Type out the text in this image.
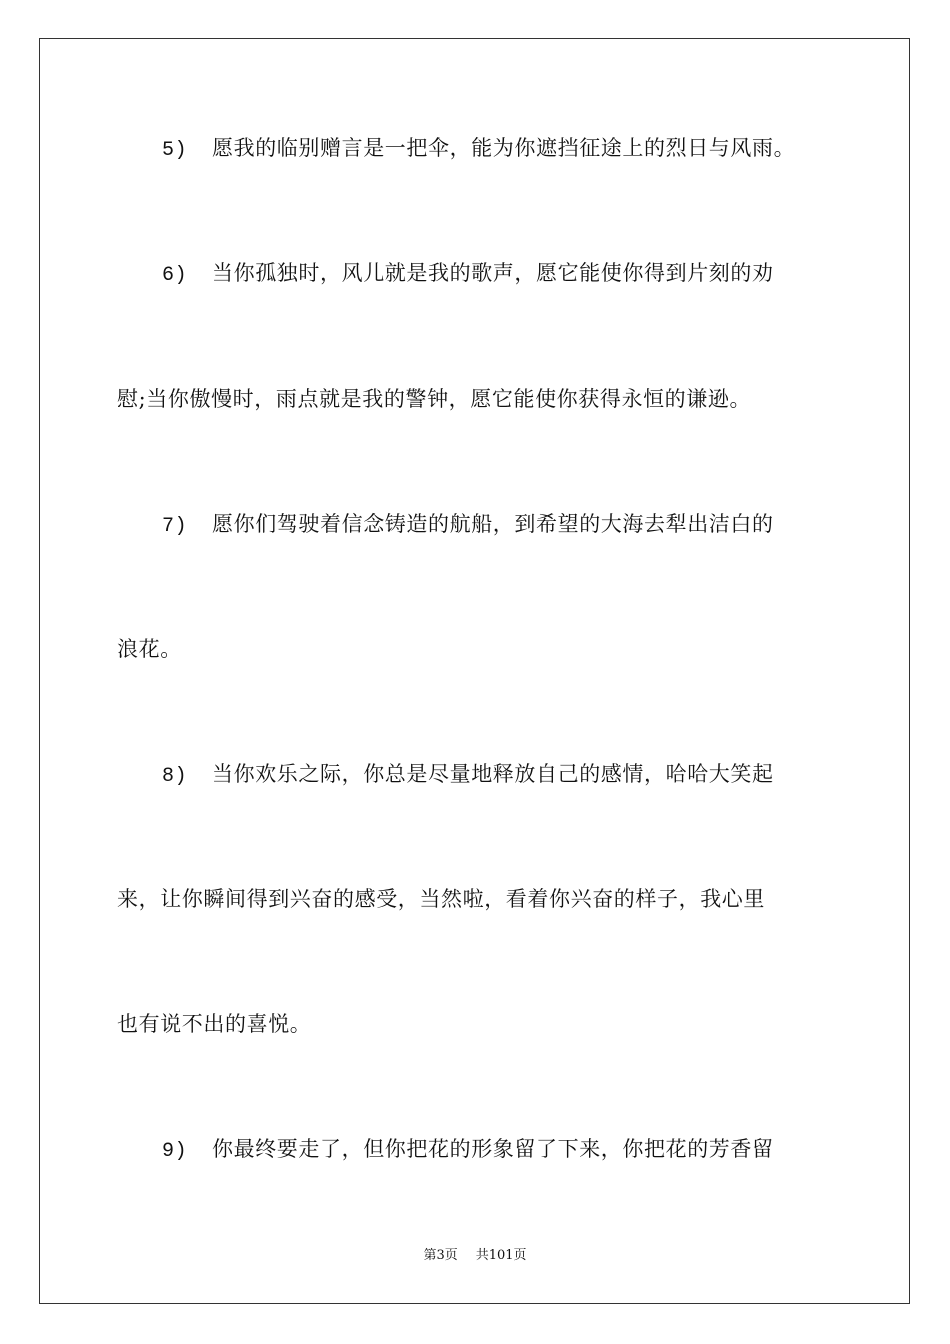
5) 愿我的临别赠言是一把伞，能为你遮挡征途上的烈日与风雨。
6) 当你孤独时，风儿就是我的歌声，愿它能使你得到片刻的劝
慰;当你傲慢时，雨点就是我的警钟，愿它能使你获得永恒的谦逊。
7) 愿你们驾驶着信念铸造的航船，到希望的大海去犁出洁白的
浪花。
8) 当你欢乐之际，你总是尽量地释放自己的感情，哈哈大笑起
来，让你瞬间得到兴奋的感受，当然啦，看着你兴奋的样子，我心里
也有说不出的喜悦。
9) 你最终要走了，但你把花的形象留了下来，你把花的芳香留
第3页 共101页
